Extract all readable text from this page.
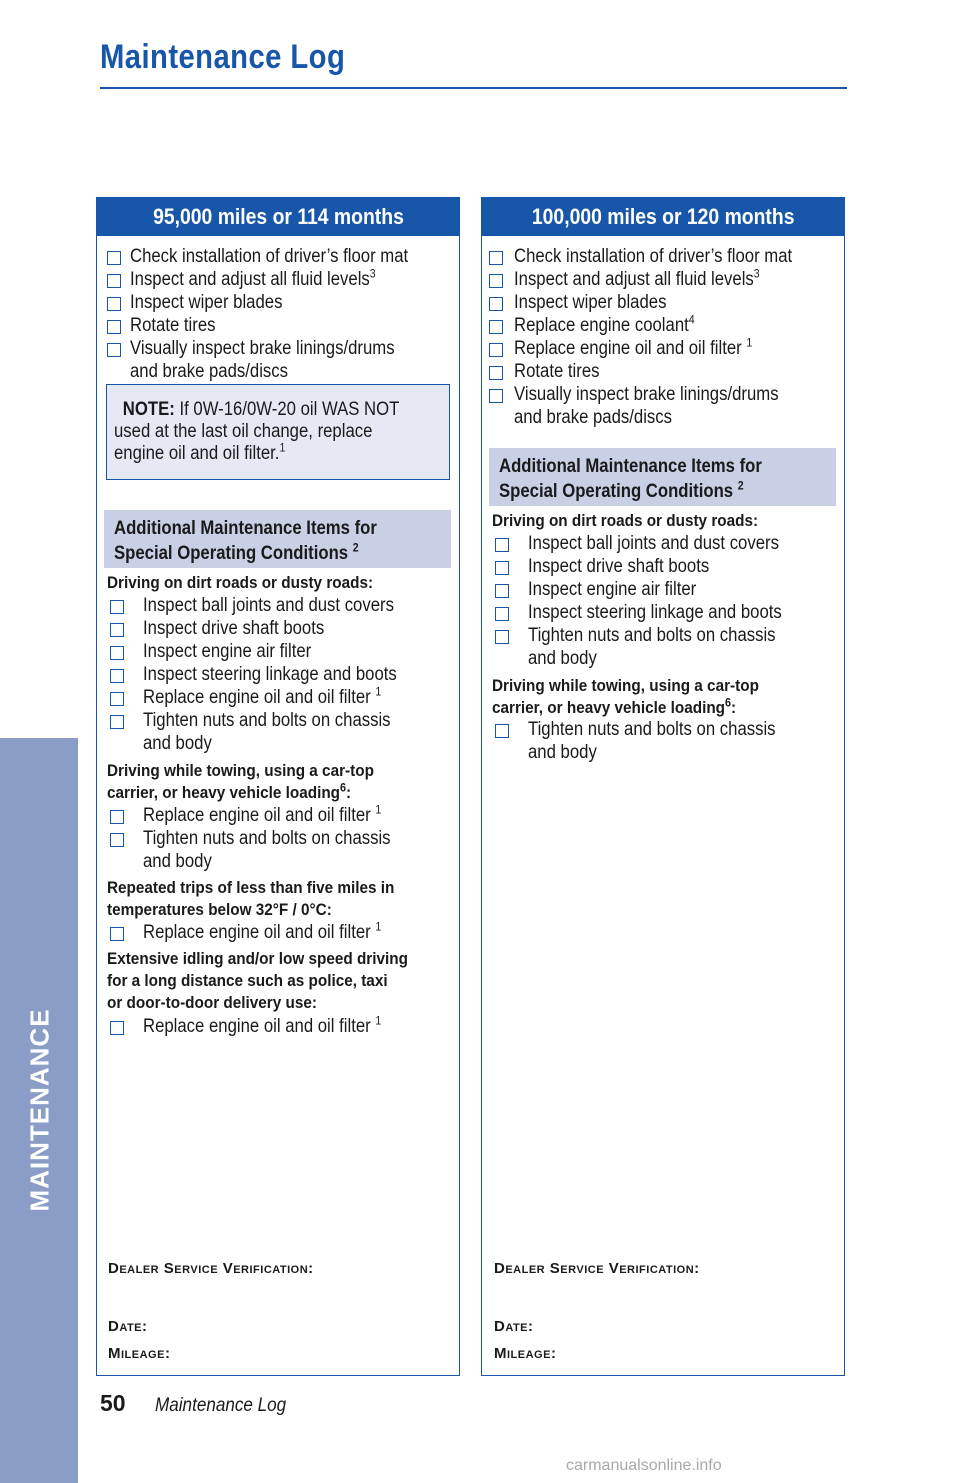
Maintenance Log
MAINTENANCE
95,000 miles or 114 months
Check installation of driver’s floor mat
Inspect and adjust all fluid levels$^3$
Inspect wiper blades
Rotate tires
Visually inspect brake linings/drums and brake pads/discs
NOTE: If 0W-16/0W-20 oil WAS NOT used at the last oil change, replace engine oil and oil filter.$^1$
Additional Maintenance Items for
Special Operating Conditions $^2$
Driving on dirt roads or dusty roads:
Inspect ball joints and dust covers
Inspect drive shaft boots
Inspect engine air filter
Inspect steering linkage and boots
Replace engine oil and oil filter $^1$
Tighten nuts and bolts on chassis and body
Driving while towing, using a car-top
carrier, or heavy vehicle loading$^6$:
Replace engine oil and oil filter $^1$
Tighten nuts and bolts on chassis and body
Repeated trips of less than five miles in
temperatures below 32°F / 0°C:
Replace engine oil and oil filter $^1$
Extensive idling and/or low speed driving
for a long distance such as police, taxi
or door-to-door delivery use:
Replace engine oil and oil filter $^1$
Dealer Service Verification:
Date:
Mileage:
100,000 miles or 120 months
Check installation of driver’s floor mat
Inspect and adjust all fluid levels$^3$
Inspect wiper blades
Replace engine coolant$^4$
Replace engine oil and oil filter $^1$
Rotate tires
Visually inspect brake linings/drums and brake pads/discs
Additional Maintenance Items for
Special Operating Conditions $^2$
Driving on dirt roads or dusty roads:
Inspect ball joints and dust covers
Inspect drive shaft boots
Inspect engine air filter
Inspect steering linkage and boots
Tighten nuts and bolts on chassis and body
Driving while towing, using a car-top
carrier, or heavy vehicle loading$^6$:
Tighten nuts and bolts on chassis and body
Dealer Service Verification:
Date:
Mileage:
50 Maintenance Log
carmanualsonline.info
